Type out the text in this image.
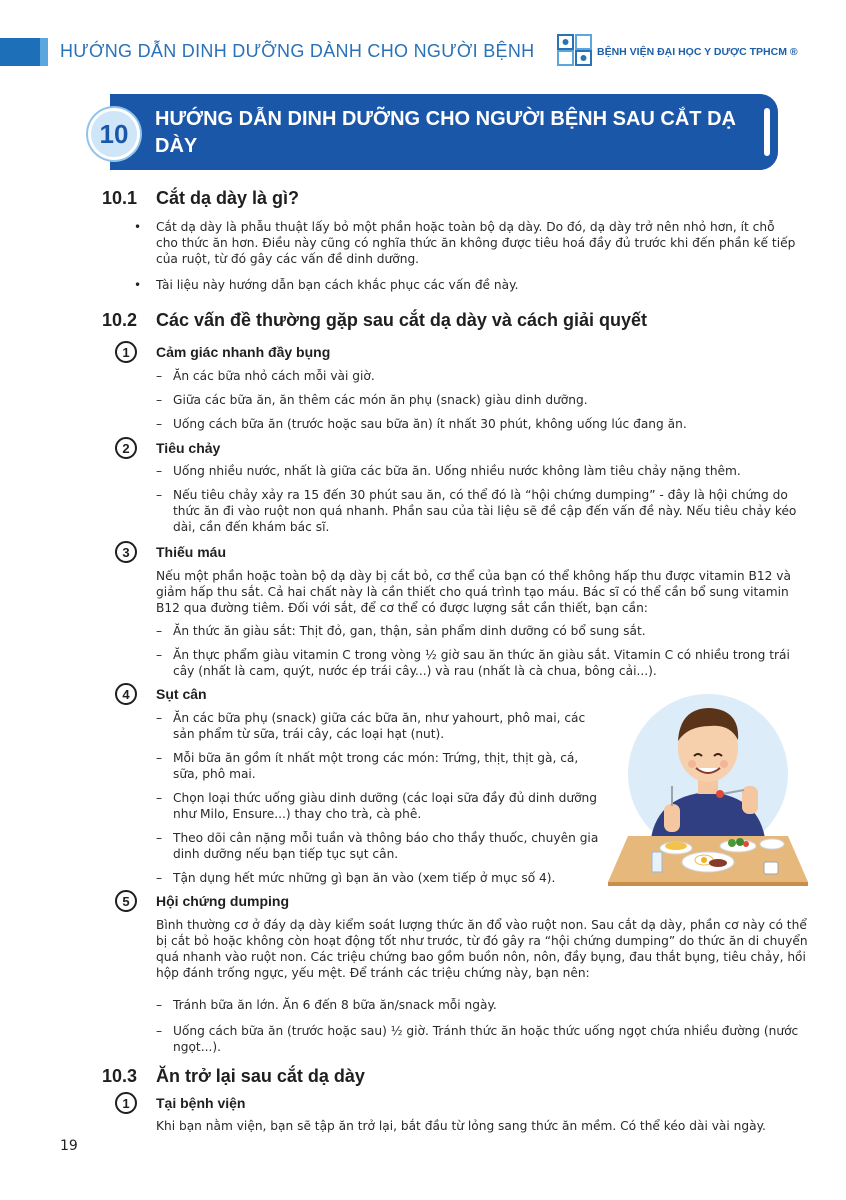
HƯỚNG DẪN DINH DƯỠNG DÀNH CHO NGƯỜI BỆNH	BỆNH VIỆN ĐẠI HỌC Y DƯỢC TPHCM ®
10 HƯỚNG DẪN DINH DƯỠNG CHO NGƯỜI BỆNH SAU CẮT DẠ DÀY
10.1 Cắt dạ dày là gì?
• Cắt dạ dày là phẫu thuật lấy bỏ một phần hoặc toàn bộ dạ dày. Do đó, dạ dày trở nên nhỏ hơn, ít chỗ cho thức ăn hơn. Điều này cũng có nghĩa thức ăn không được tiêu hoá đầy đủ trước khi đến phần kế tiếp của ruột, từ đó gây các vấn đề dinh dưỡng.
• Tài liệu này hướng dẫn bạn cách khắc phục các vấn đề này.
10.2 Các vấn đề thường gặp sau cắt dạ dày và cách giải quyết
1	Cảm giác nhanh đầy bụng
– Ăn các bữa nhỏ cách mỗi vài giờ.
– Giữa các bữa ăn, ăn thêm các món ăn phụ (snack) giàu dinh dưỡng.
– Uống cách bữa ăn (trước hoặc sau bữa ăn) ít nhất 30 phút, không uống lúc đang ăn.
2	Tiêu chảy
– Uống nhiều nước, nhất là giữa các bữa ăn. Uống nhiều nước không làm tiêu chảy nặng thêm.
– Nếu tiêu chảy xảy ra 15 đến 30 phút sau ăn, có thể đó là “hội chứng dumping” - đây là hội chứng do thức ăn đi vào ruột non quá nhanh. Phần sau của tài liệu sẽ đề cập đến vấn đề này. Nếu tiêu chảy kéo dài, cần đến khám bác sĩ.
3	Thiếu máu
Nếu một phần hoặc toàn bộ dạ dày bị cắt bỏ, cơ thể của bạn có thể không hấp thu được vitamin B12 và giảm hấp thu sắt. Cả hai chất này là cần thiết cho quá trình tạo máu. Bác sĩ có thể cần bổ sung vitamin B12 qua đường tiêm. Đối với sắt, để cơ thể có được lượng sắt cần thiết, bạn cần:
– Ăn thức ăn giàu sắt: Thịt đỏ, gan, thận, sản phẩm dinh dưỡng có bổ sung sắt.
– Ăn thực phẩm giàu vitamin C trong vòng ½ giờ sau ăn thức ăn giàu sắt. Vitamin C có nhiều trong trái cây (nhất là cam, quýt, nước ép trái cây...) và rau (nhất là cà chua, bông cải...).
4	Sụt cân
– Ăn các bữa phụ (snack) giữa các bữa ăn, như yahourt, phô mai, các sản phẩm từ sữa, trái cây, các loại hạt (nut).
– Mỗi bữa ăn gồm ít nhất một trong các món: Trứng, thịt, thịt gà, cá, sữa, phô mai.
– Chọn loại thức uống giàu dinh dưỡng (các loại sữa đầy đủ dinh dưỡng như Milo, Ensure...) thay cho trà, cà phê.
– Theo dõi cân nặng mỗi tuần và thông báo cho thầy thuốc, chuyên gia dinh dưỡng nếu bạn tiếp tục sụt cân.
– Tận dụng hết mức những gì bạn ăn vào (xem tiếp ở mục số 4).
5	Hội chứng dumping
Bình thường cơ ở đáy dạ dày kiểm soát lượng thức ăn đổ vào ruột non. Sau cắt dạ dày, phần cơ này có thể bị cắt bỏ hoặc không còn hoạt động tốt như trước, từ đó gây ra “hội chứng dumping” do thức ăn di chuyển quá nhanh vào ruột non. Các triệu chứng bao gồm buồn nôn, nôn, đầy bụng, đau thắt bụng, tiêu chảy, hồi hộp đánh trống ngực, yếu mệt. Để tránh các triệu chứng này, bạn nên:
– Tránh bữa ăn lớn. Ăn 6 đến 8 bữa ăn/snack mỗi ngày.
– Uống cách bữa ăn (trước hoặc sau) ½ giờ. Tránh thức ăn hoặc thức uống ngọt chứa nhiều đường (nước ngọt...).
10.3 Ăn trở lại sau cắt dạ dày
1	Tại bệnh viện
Khi bạn nằm viện, bạn sẽ tập ăn trở lại, bắt đầu từ lỏng sang thức ăn mềm. Có thể kéo dài vài ngày.
19
